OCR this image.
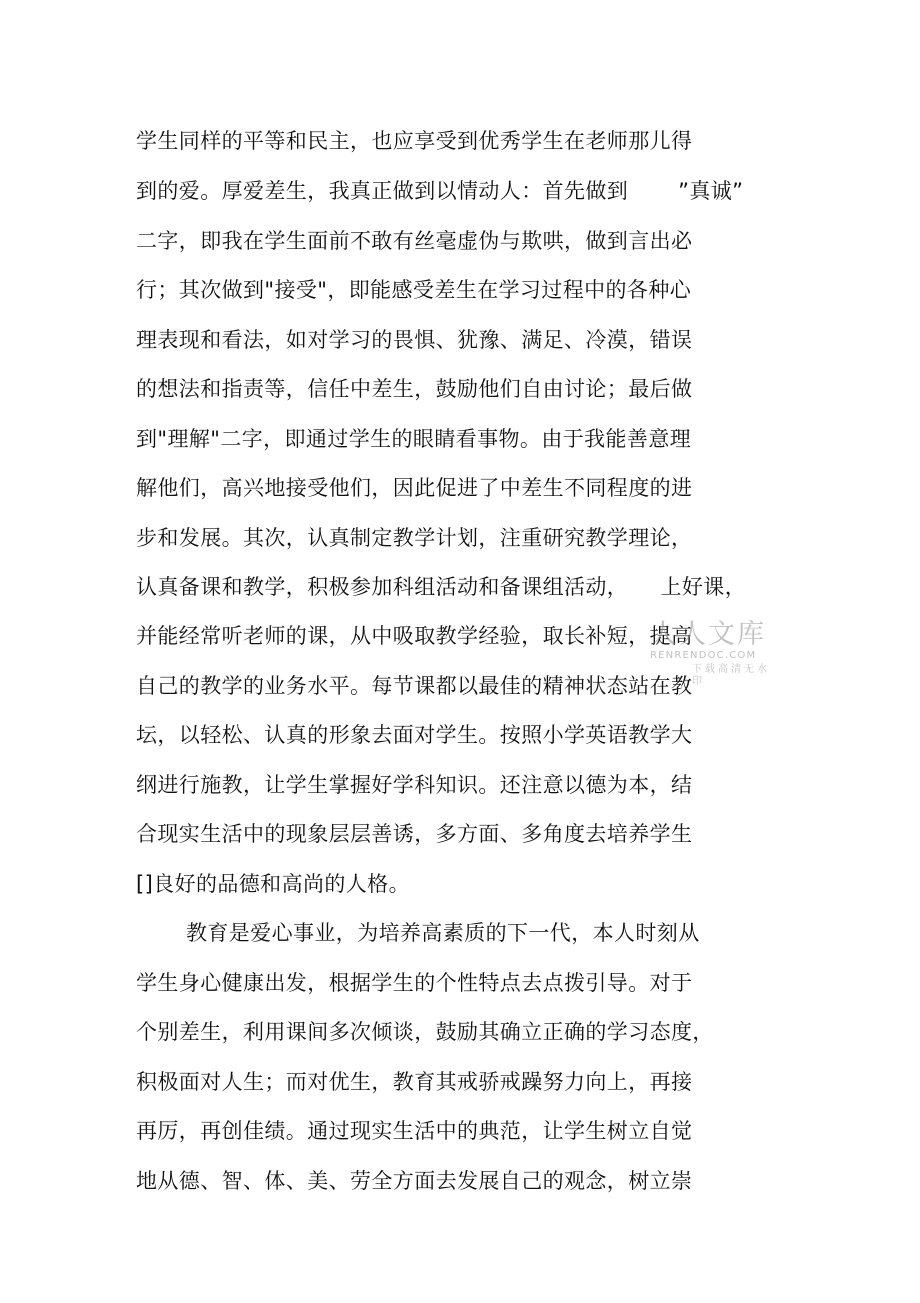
学生同样的平等和民主，也应享受到优秀学生在老师那儿得
到的爱。厚爱差生，我真正做到以情动人：首先做到 　　”真诚”
二字，即我在学生面前不敢有丝毫虚伪与欺哄，做到言出必
行；其次做到"接受"，即能感受差生在学习过程中的各种心
理表现和看法，如对学习的畏惧、犹豫、满足、冷漠，错误
的想法和指责等，信任中差生，鼓励他们自由讨论；最后做
到"理解"二字，即通过学生的眼睛看事物。由于我能善意理
解他们，高兴地接受他们，因此促进了中差生不同程度的进
步和发展。其次，认真制定教学计划，注重研究教学理论，
认真备课和教学，积极参加科组活动和备课组活动，　　上好课，
并能经常听老师的课，从中吸取教学经验，取长补短，提高
自己的教学的业务水平。每节课都以最佳的精神状态站在教
坛，以轻松、认真的形象去面对学生。按照小学英语教学大
纲进行施教，让学生掌握好学科知识。还注意以德为本，结
合现实生活中的现象层层善诱，多方面、多角度去培养学生
[]良好的品德和高尚的人格。
教育是爱心事业，为培养高素质的下一代，本人时刻从
学生身心健康出发，根据学生的个性特点去点拨引导。对于
个别差生，利用课间多次倾谈，鼓励其确立正确的学习态度，
积极面对人生；而对优生，教育其戒骄戒躁努力向上，再接
再厉，再创佳绩。通过现实生活中的典范，让学生树立自觉
地从德、智、体、美、劳全方面去发展自己的观念，树立崇
人人文库
RENRENDOC.COM
下载高清无水印
